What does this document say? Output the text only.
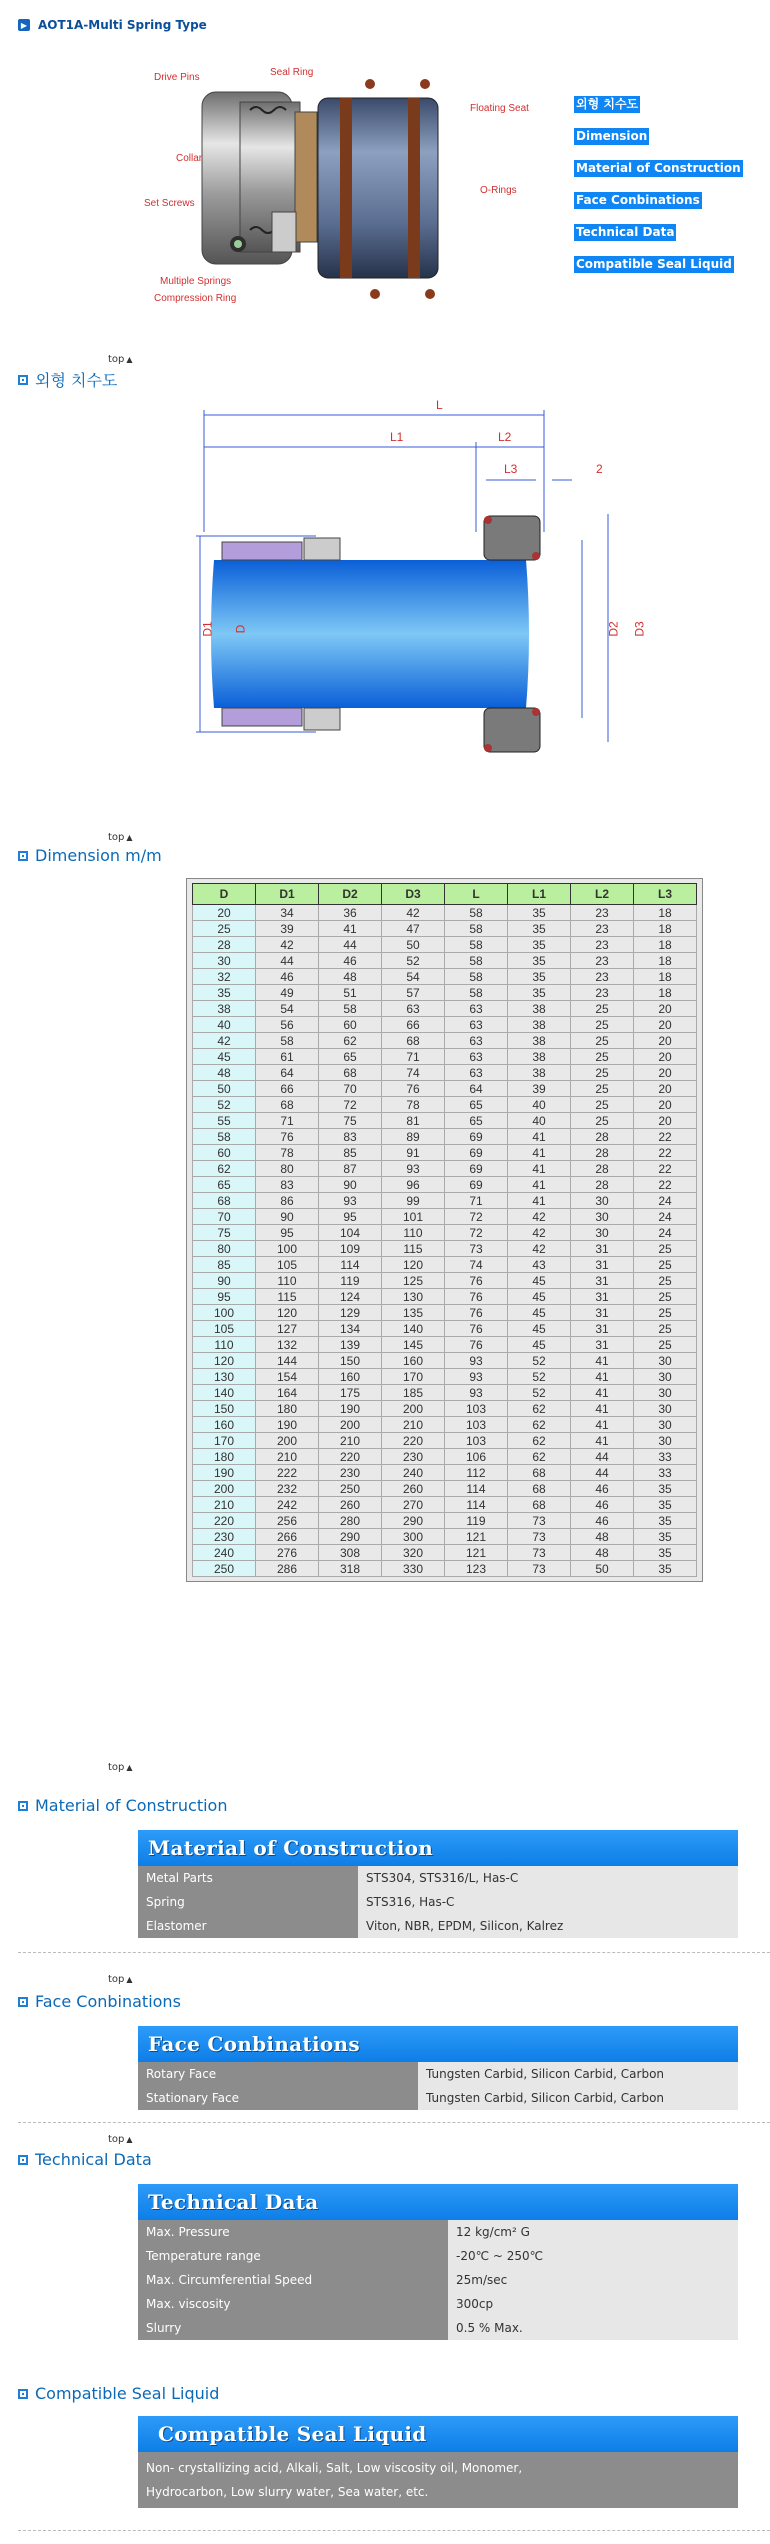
▶ AOT1A-Multi Spring Type
Drive Pins	Seal Ring
Floating Seat
Collar
O-Rings
Set Screws
Multiple Springs
Compression Ring
외형 치수도
Dimension
Material of Construction
Face Conbinations
Technical Data
Compatible Seal Liquid
top ▲
외형 치수도
L
L1	L2
L3	2
D1 D	D2 D3
top ▲
Dimension m/m
D	D1	D2	D3	L	L1	L2	L3
20	34	36	42	58	35	23	18
25	39	41	47	58	35	23	18
28	42	44	50	58	35	23	18
30	44	46	52	58	35	23	18
32	46	48	54	58	35	23	18
35	49	51	57	58	35	23	18
38	54	58	63	63	38	25	20
40	56	60	66	63	38	25	20
42	58	62	68	63	38	25	20
45	61	65	71	63	38	25	20
48	64	68	74	63	38	25	20
50	66	70	76	64	39	25	20
52	68	72	78	65	40	25	20
55	71	75	81	65	40	25	20
58	76	83	89	69	41	28	22
60	78	85	91	69	41	28	22
62	80	87	93	69	41	28	22
65	83	90	96	69	41	28	22
68	86	93	99	71	41	30	24
70	90	95	101	72	42	30	24
75	95	104	110	72	42	30	24
80	100	109	115	73	42	31	25
85	105	114	120	74	43	31	25
90	110	119	125	76	45	31	25
95	115	124	130	76	45	31	25
100	120	129	135	76	45	31	25
105	127	134	140	76	45	31	25
110	132	139	145	76	45	31	25
120	144	150	160	93	52	41	30
130	154	160	170	93	52	41	30
140	164	175	185	93	52	41	30
150	180	190	200	103	62	41	30
160	190	200	210	103	62	41	30
170	200	210	220	103	62	41	30
180	210	220	230	106	62	44	33
190	222	230	240	112	68	44	33
200	232	250	260	114	68	46	35
210	242	260	270	114	68	46	35
220	256	280	290	119	73	46	35
230	266	290	300	121	73	48	35
240	276	308	320	121	73	48	35
250	286	318	330	123	73	50	35
top ▲
Material of Construction
Material of Construction
Metal Parts	STS304, STS316/L, Has-C
Spring	STS316, Has-C
Elastomer	Viton, NBR, EPDM, Silicon, Kalrez
top ▲
Face Conbinations
Face Conbinations
Rotary Face	Tungsten Carbid, Silicon Carbid, Carbon
Stationary Face	Tungsten Carbid, Silicon Carbid, Carbon
top ▲
Technical Data
Technical Data
Max. Pressure	12 kg/cm² G
Temperature range	-20℃ ~ 250℃
Max. Circumferential Speed	25m/sec
Max. viscosity	300cp
Slurry	0.5 % Max.
Compatible Seal Liquid
Compatible Seal Liquid
Non- crystallizing acid, Alkali, Salt, Low viscosity oil, Monomer,
Hydrocarbon, Low slurry water, Sea water, etc.
